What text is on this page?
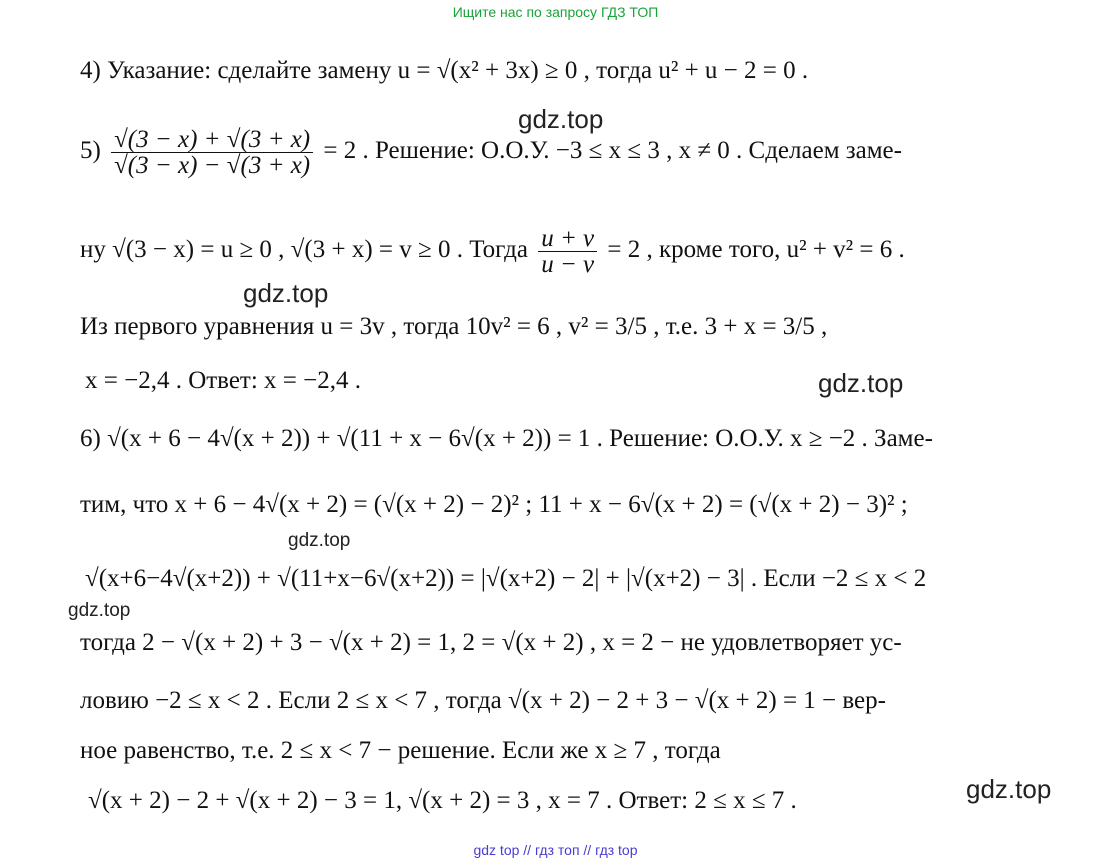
Ищите нас по запросу ГДЗ ТОП
4) Указание: сделайте замену u = √(x² + 3x) ≥ 0 , тогда u² + u − 2 = 0 .
$5) \frac{√(3 - x) + √(3 + x)}{√(3 - x) - √(3 + x)} = 2$ . Решение: О.О.У. −3 ≤ x ≤ 3 , x ≠ 0 . Сделаем заме-
ну √(3 − x) = u ≥ 0 , √(3 + x) = v ≥ 0 . Тогда $\frac{u + v}{u - v} = 2$ , кроме того, u² + v² = 6 .
Из первого уравнения u = 3v , тогда 10v² = 6 , v² = 3/5 , т.е. 3 + x = 3/5 ,
x = −2,4 . Ответ: x = −2,4 .
6) √(x + 6 − 4√(x + 2)) + √(11 + x − 6√(x + 2)) = 1 . Решение: О.О.У. x ≥ −2 . Заме-
тим, что x + 6 − 4√(x + 2) = (√(x + 2) − 2)² ; 11 + x − 6√(x + 2) = (√(x + 2) − 3)² ;
√(x+6−4√(x+2)) + √(11+x−6√(x+2)) = |√(x+2) − 2| + |√(x+2) − 3| . Если −2 ≤ x < 2
тогда 2 − √(x + 2) + 3 − √(x + 2) = 1, 2 = √(x + 2) , x = 2 − не удовлетворяет ус-
ловию −2 ≤ x < 2 . Если 2 ≤ x < 7 , тогда √(x + 2) − 2 + 3 − √(x + 2) = 1 − вер-
ное равенство, т.е. 2 ≤ x < 7 − решение. Если же x ≥ 7 , тогда
√(x + 2) − 2 + √(x + 2) − 3 = 1, √(x + 2) = 3 , x = 7 . Ответ: 2 ≤ x ≤ 7 .
gdz.top
gdz.top
gdz.top
gdz.top
gdz.top
gdz.top
gdz top // гдз топ // гдз top
